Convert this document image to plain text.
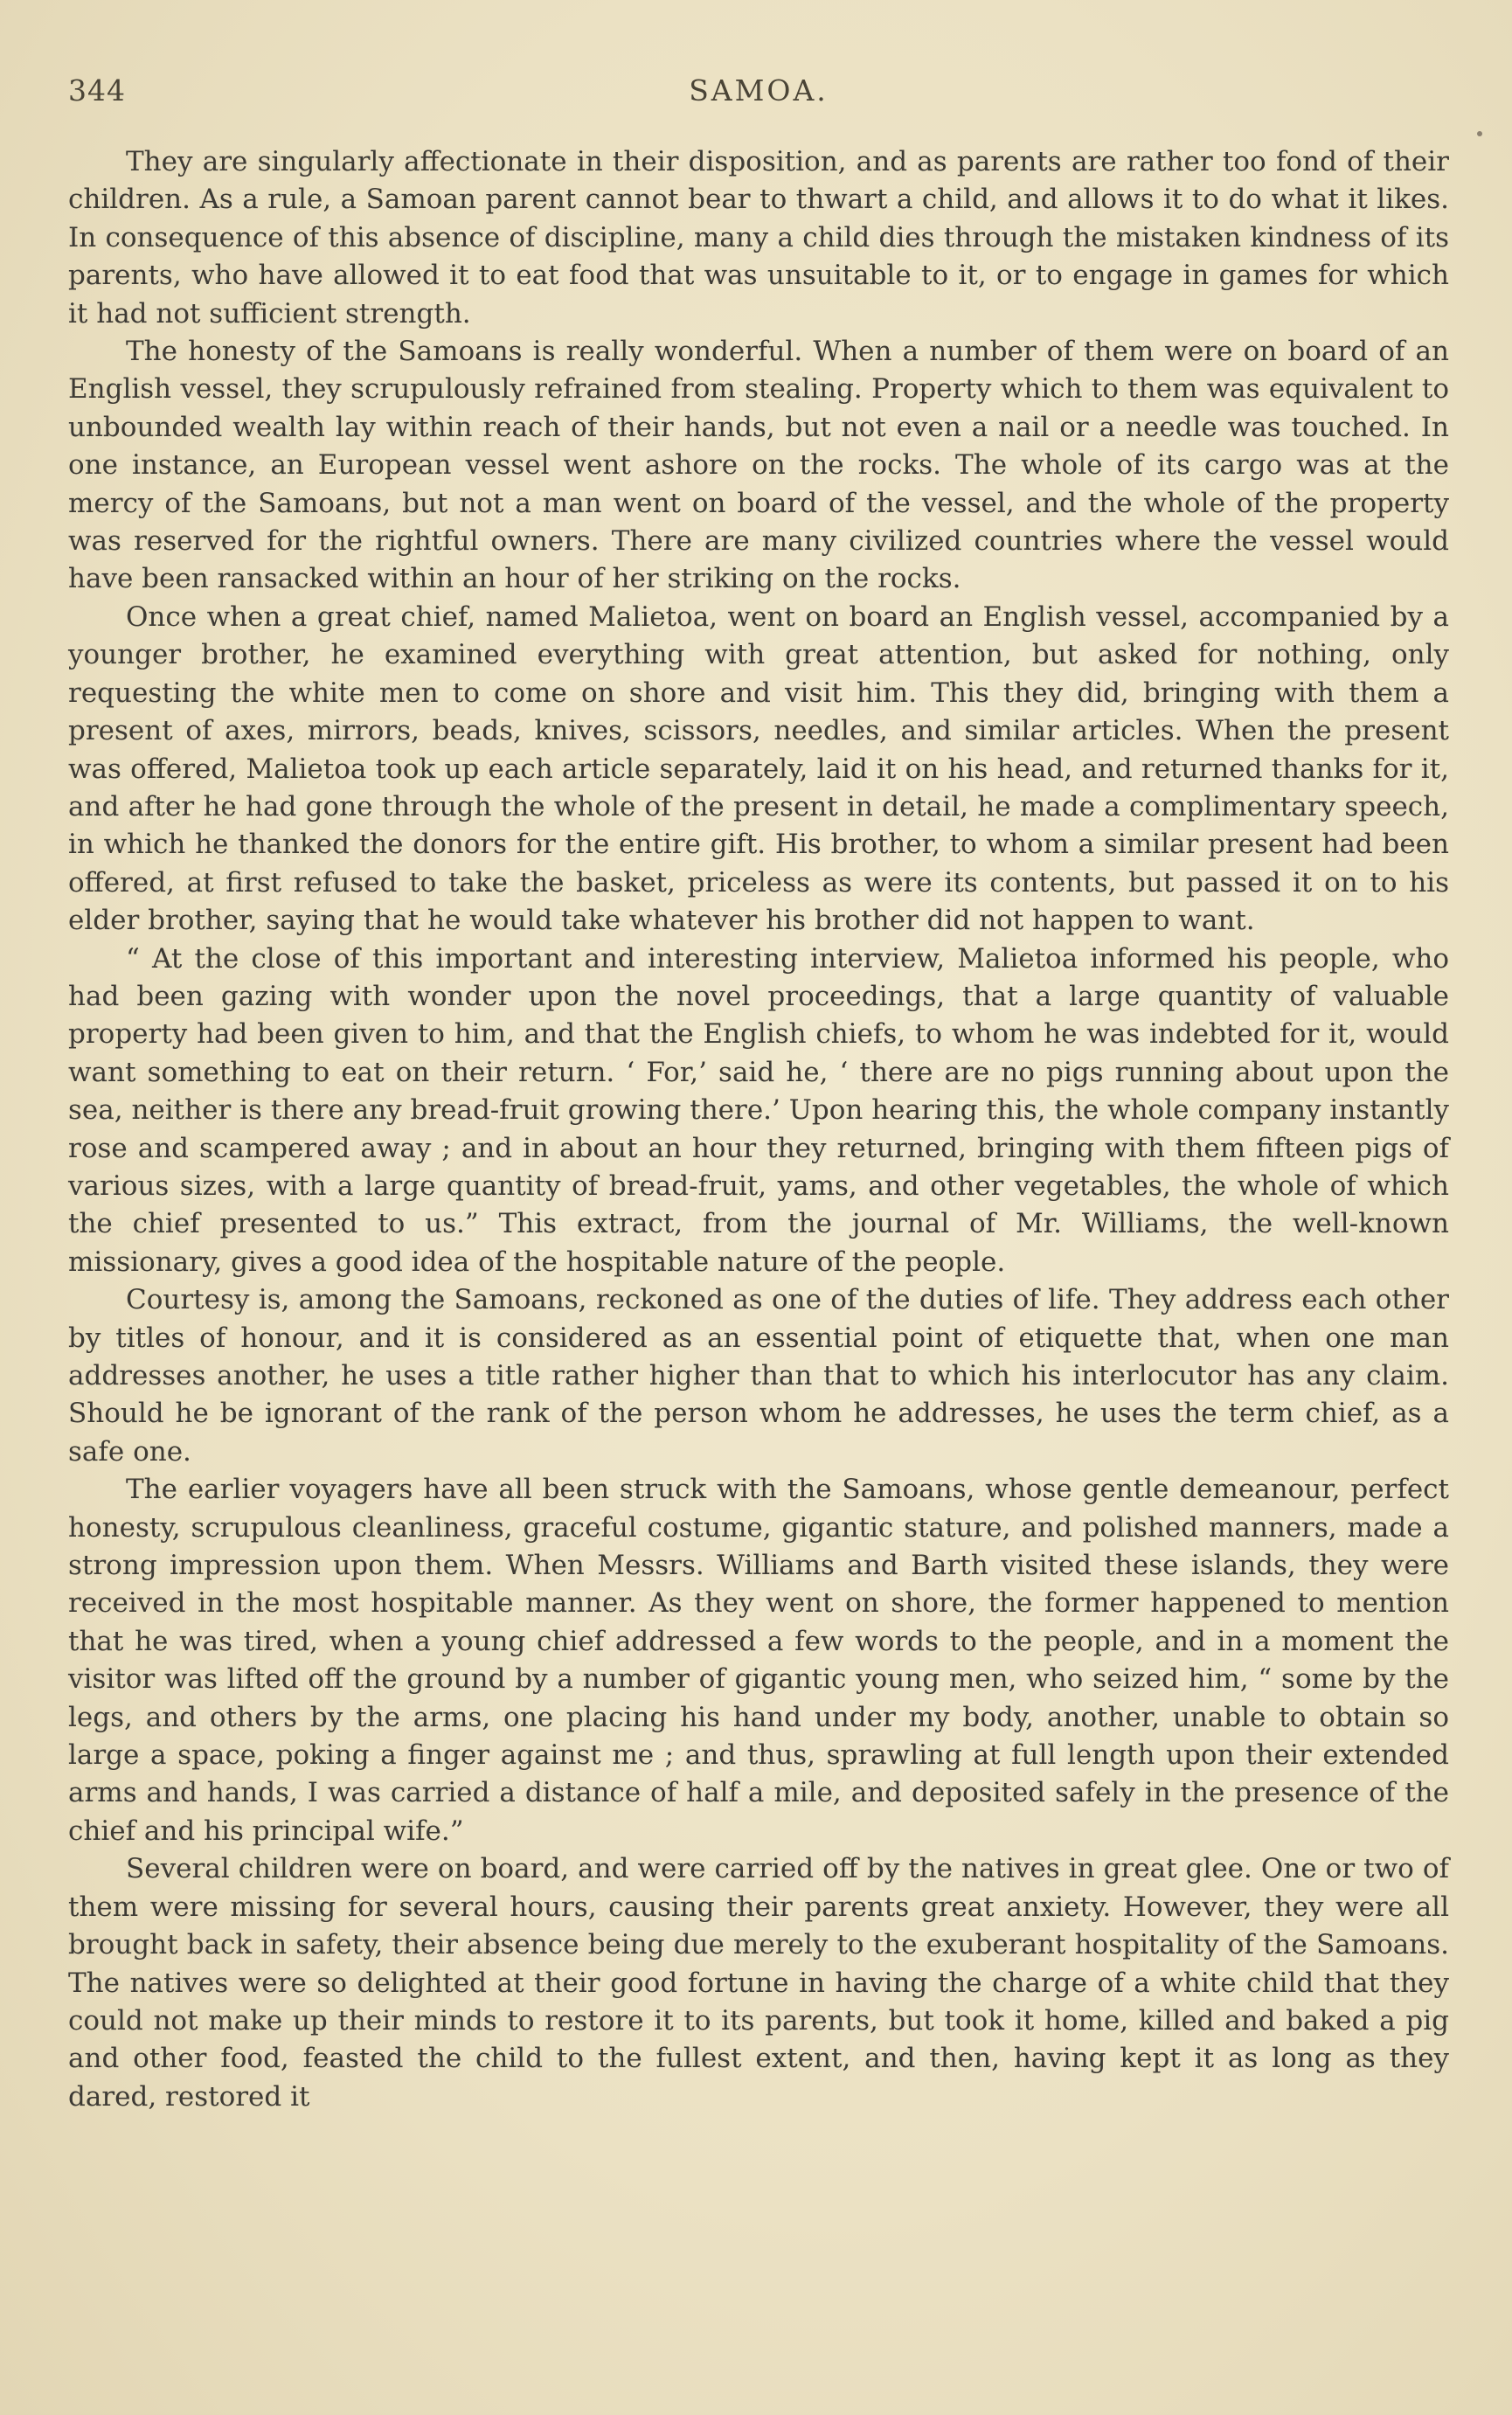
344	SAMOA.

They are singularly affectionate in their disposition, and as parents are rather too fond of their children. As a rule, a Samoan parent cannot bear to thwart a child, and allows it to do what it likes. In consequence of this absence of discipline, many a child dies through the mistaken kindness of its parents, who have allowed it to eat food that was unsuitable to it, or to engage in games for which it had not sufficient strength.

The honesty of the Samoans is really wonderful. When a number of them were on board of an English vessel, they scrupulously refrained from stealing. Property which to them was equivalent to unbounded wealth lay within reach of their hands, but not even a nail or a needle was touched. In one instance, an European vessel went ashore on the rocks. The whole of its cargo was at the mercy of the Samoans, but not a man went on board of the vessel, and the whole of the property was reserved for the rightful owners. There are many civilized countries where the vessel would have been ransacked within an hour of her striking on the rocks.

Once when a great chief, named Malietoa, went on board an English vessel, accompanied by a younger brother, he examined everything with great attention, but asked for nothing, only requesting the white men to come on shore and visit him. This they did, bringing with them a present of axes, mirrors, beads, knives, scissors, needles, and similar articles. When the present was offered, Malietoa took up each article separately, laid it on his head, and returned thanks for it, and after he had gone through the whole of the present in detail, he made a complimentary speech, in which he thanked the donors for the entire gift. His brother, to whom a similar present had been offered, at first refused to take the basket, priceless as were its contents, but passed it on to his elder brother, saying that he would take whatever his brother did not happen to want.

“ At the close of this important and interesting interview, Malietoa informed his people, who had been gazing with wonder upon the novel proceedings, that a large quantity of valuable property had been given to him, and that the English chiefs, to whom he was indebted for it, would want something to eat on their return. ‘ For,’ said he, ‘ there are no pigs running about upon the sea, neither is there any bread-fruit growing there.’ Upon hearing this, the whole company instantly rose and scampered away ; and in about an hour they returned, bringing with them fifteen pigs of various sizes, with a large quantity of bread-fruit, yams, and other vegetables, the whole of which the chief presented to us.” This extract, from the journal of Mr. Williams, the well-known missionary, gives a good idea of the hospitable nature of the people.

Courtesy is, among the Samoans, reckoned as one of the duties of life. They address each other by titles of honour, and it is considered as an essential point of etiquette that, when one man addresses another, he uses a title rather higher than that to which his interlocutor has any claim. Should he be ignorant of the rank of the person whom he addresses, he uses the term chief, as a safe one.

The earlier voyagers have all been struck with the Samoans, whose gentle demeanour, perfect honesty, scrupulous cleanliness, graceful costume, gigantic stature, and polished manners, made a strong impression upon them. When Messrs. Williams and Barth visited these islands, they were received in the most hospitable manner. As they went on shore, the former happened to mention that he was tired, when a young chief addressed a few words to the people, and in a moment the visitor was lifted off the ground by a number of gigantic young men, who seized him, “ some by the legs, and others by the arms, one placing his hand under my body, another, unable to obtain so large a space, poking a finger against me ; and thus, sprawling at full length upon their extended arms and hands, I was carried a distance of half a mile, and deposited safely in the presence of the chief and his principal wife.”

Several children were on board, and were carried off by the natives in great glee. One or two of them were missing for several hours, causing their parents great anxiety. However, they were all brought back in safety, their absence being due merely to the exuberant hospitality of the Samoans. The natives were so delighted at their good fortune in having the charge of a white child that they could not make up their minds to restore it to its parents, but took it home, killed and baked a pig and other food, feasted the child to the fullest extent, and then, having kept it as long as they dared, restored it
